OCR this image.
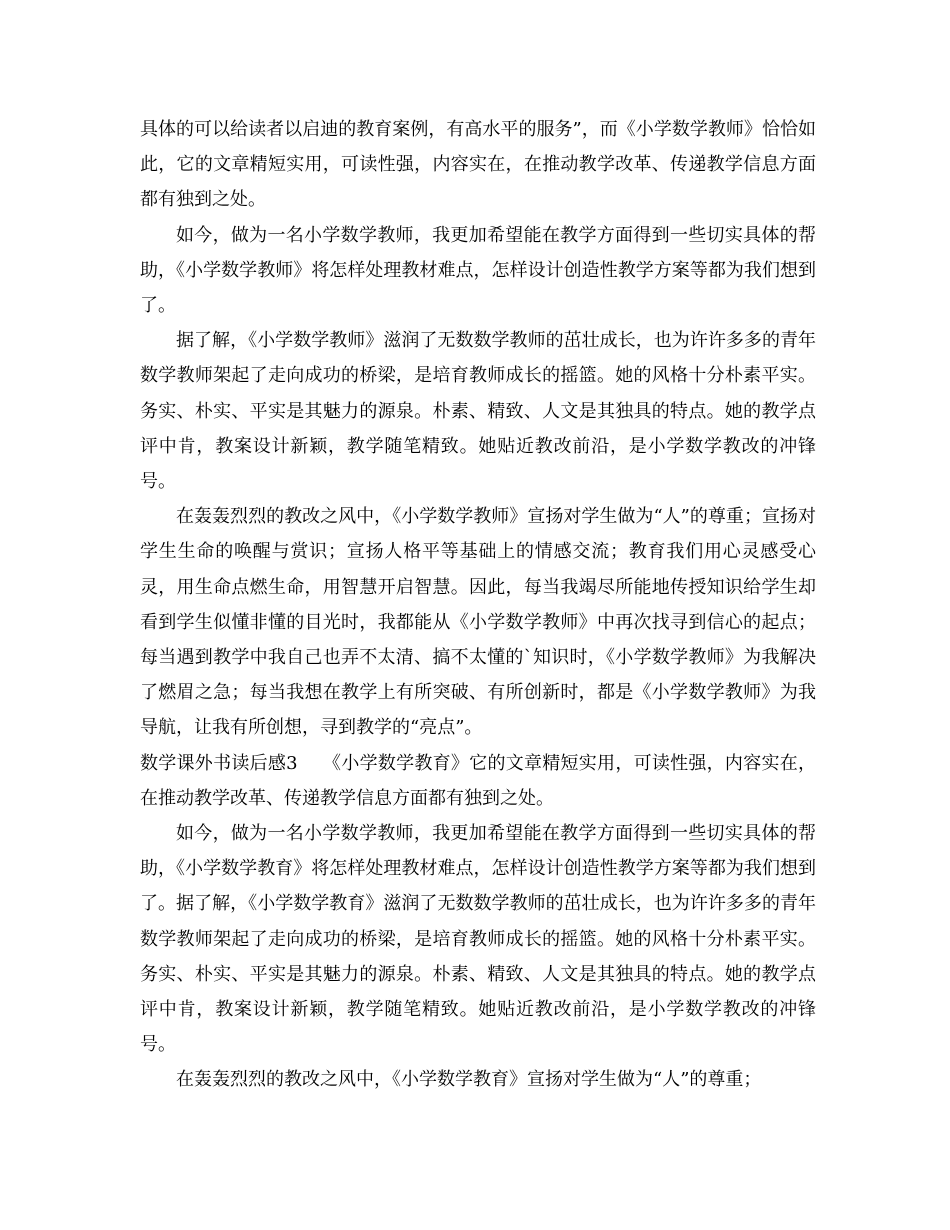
具体的可以给读者以启迪的教育案例，有高水平的服务”，而《小学数学教师》恰恰如此，它的文章精短实用，可读性强，内容实在，在推动教学改革、传递教学信息方面都有独到之处。

如今，做为一名小学数学教师，我更加希望能在教学方面得到一些切实具体的帮助，《小学数学教师》将怎样处理教材难点，怎样设计创造性教学方案等都为我们想到了。

据了解，《小学数学教师》滋润了无数数学教师的茁壮成长，也为许许多多的青年数学教师架起了走向成功的桥梁，是培育教师成长的摇篮。她的风格十分朴素平实。务实、朴实、平实是其魅力的源泉。朴素、精致、人文是其独具的特点。她的教学点评中肯，教案设计新颖，教学随笔精致。她贴近教改前沿，是小学数学教改的冲锋号。

在轰轰烈烈的教改之风中，《小学数学教师》宣扬对学生做为“人”的尊重；宣扬对学生生命的唤醒与赏识；宣扬人格平等基础上的情感交流；教育我们用心灵感受心灵，用生命点燃生命，用智慧开启智慧。因此，每当我竭尽所能地传授知识给学生却看到学生似懂非懂的目光时，我都能从《小学数学教师》中再次找寻到信心的起点；每当遇到教学中我自己也弄不太清、搞不太懂的`知识时，《小学数学教师》为我解决了燃眉之急；每当我想在教学上有所突破、有所创新时，都是《小学数学教师》为我导航，让我有所创想，寻到教学的“亮点”。

数学课外书读后感3 《小学数学教育》它的文章精短实用，可读性强，内容实在，在推动教学改革、传递教学信息方面都有独到之处。

如今，做为一名小学数学教师，我更加希望能在教学方面得到一些切实具体的帮助，《小学数学教育》将怎样处理教材难点，怎样设计创造性教学方案等都为我们想到了。据了解，《小学数学教育》滋润了无数数学教师的茁壮成长，也为许许多多的青年数学教师架起了走向成功的桥梁，是培育教师成长的摇篮。她的风格十分朴素平实。务实、朴实、平实是其魅力的源泉。朴素、精致、人文是其独具的特点。她的教学点评中肯，教案设计新颖，教学随笔精致。她贴近教改前沿，是小学数学教改的冲锋号。

在轰轰烈烈的教改之风中，《小学数学教育》宣扬对学生做为“人”的尊重；
